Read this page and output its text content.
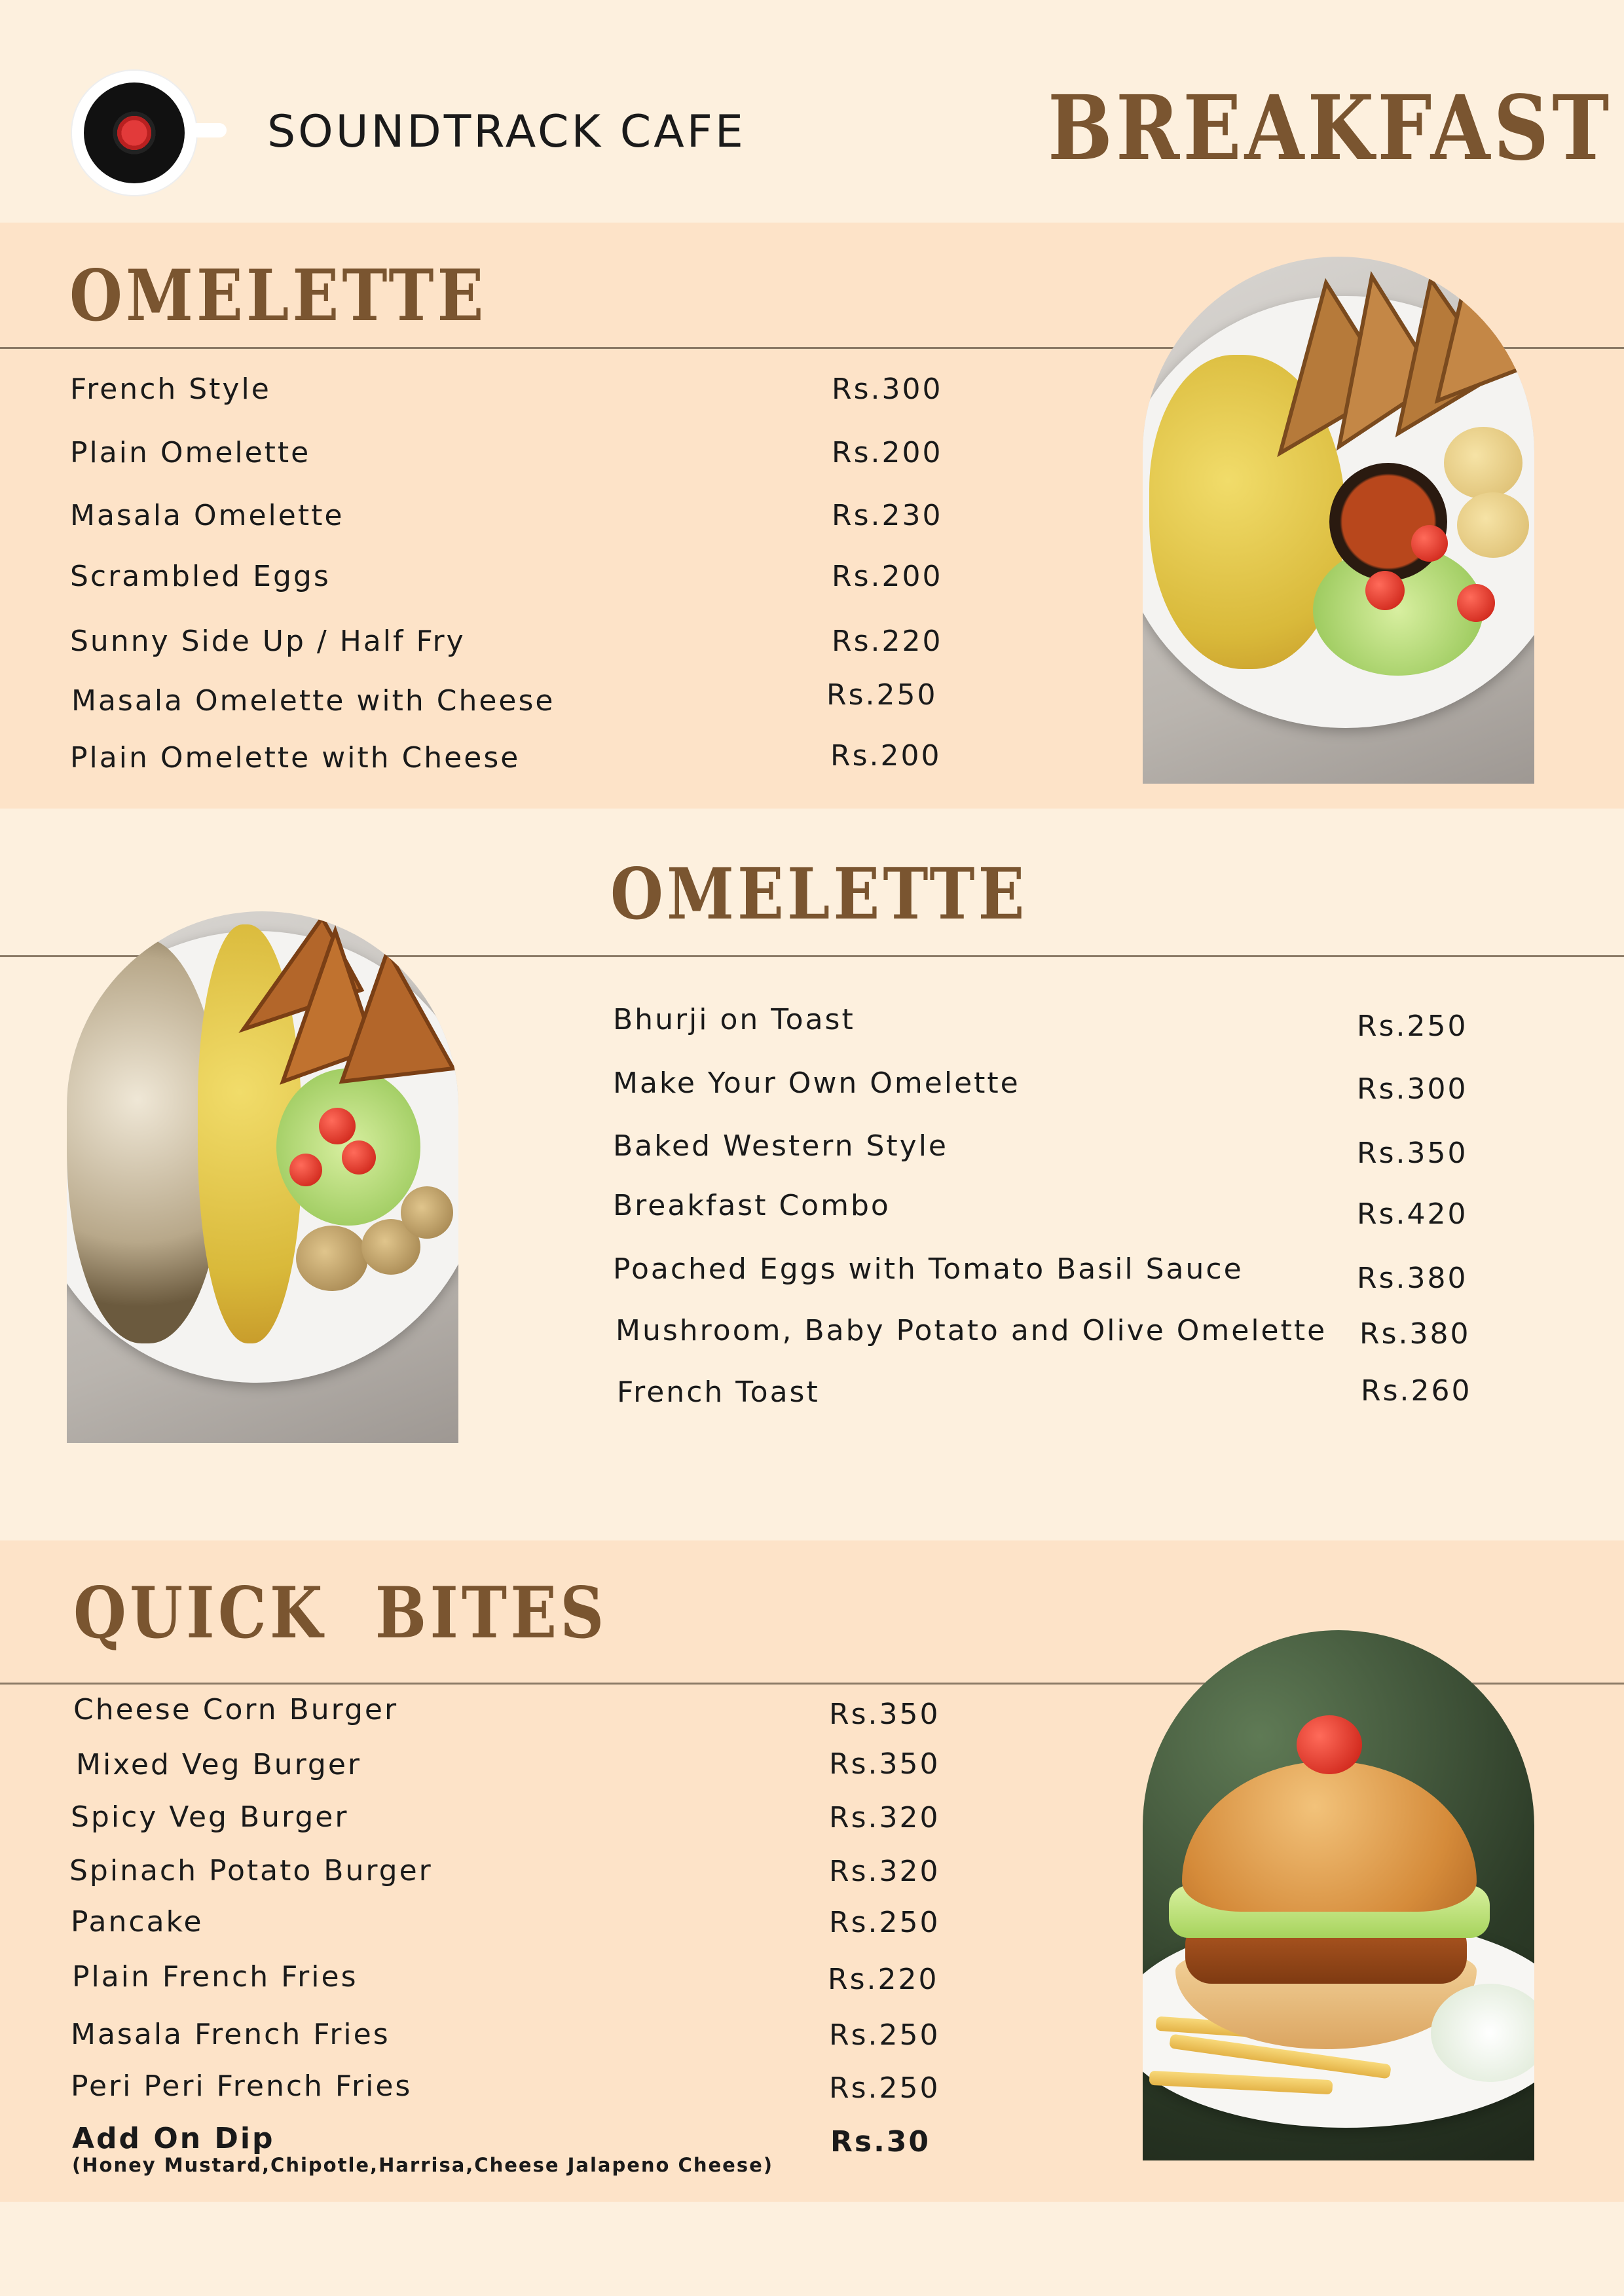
SOUNDTRACK CAFE	BREAKFAST
OMELETTE
French Style	Rs.300
Plain Omelette	Rs.200
Masala Omelette	Rs.230
Scrambled Eggs	Rs.200
Sunny Side Up / Half Fry	Rs.220
Masala Omelette with Cheese	Rs.250
Plain Omelette with Cheese	Rs.200
OMELETTE
Bhurji on Toast	Rs.250
Make Your Own Omelette	Rs.300
Baked Western Style	Rs.350
Breakfast Combo	Rs.420
Poached Eggs with Tomato Basil Sauce	Rs.380
Mushroom, Baby Potato and Olive Omelette Rs.380
French Toast	Rs.260
QUICK  BITES
Cheese Corn Burger	Rs.350
Mixed Veg Burger	Rs.350
Spicy Veg Burger	Rs.320
Spinach Potato Burger	Rs.320
Pancake	Rs.250
Plain French Fries	Rs.220
Masala French Fries	Rs.250
Peri Peri French Fries	Rs.250
Add On Dip	Rs.30
(Honey Mustard,Chipotle,Harrisa,Cheese Jalapeno Cheese)
